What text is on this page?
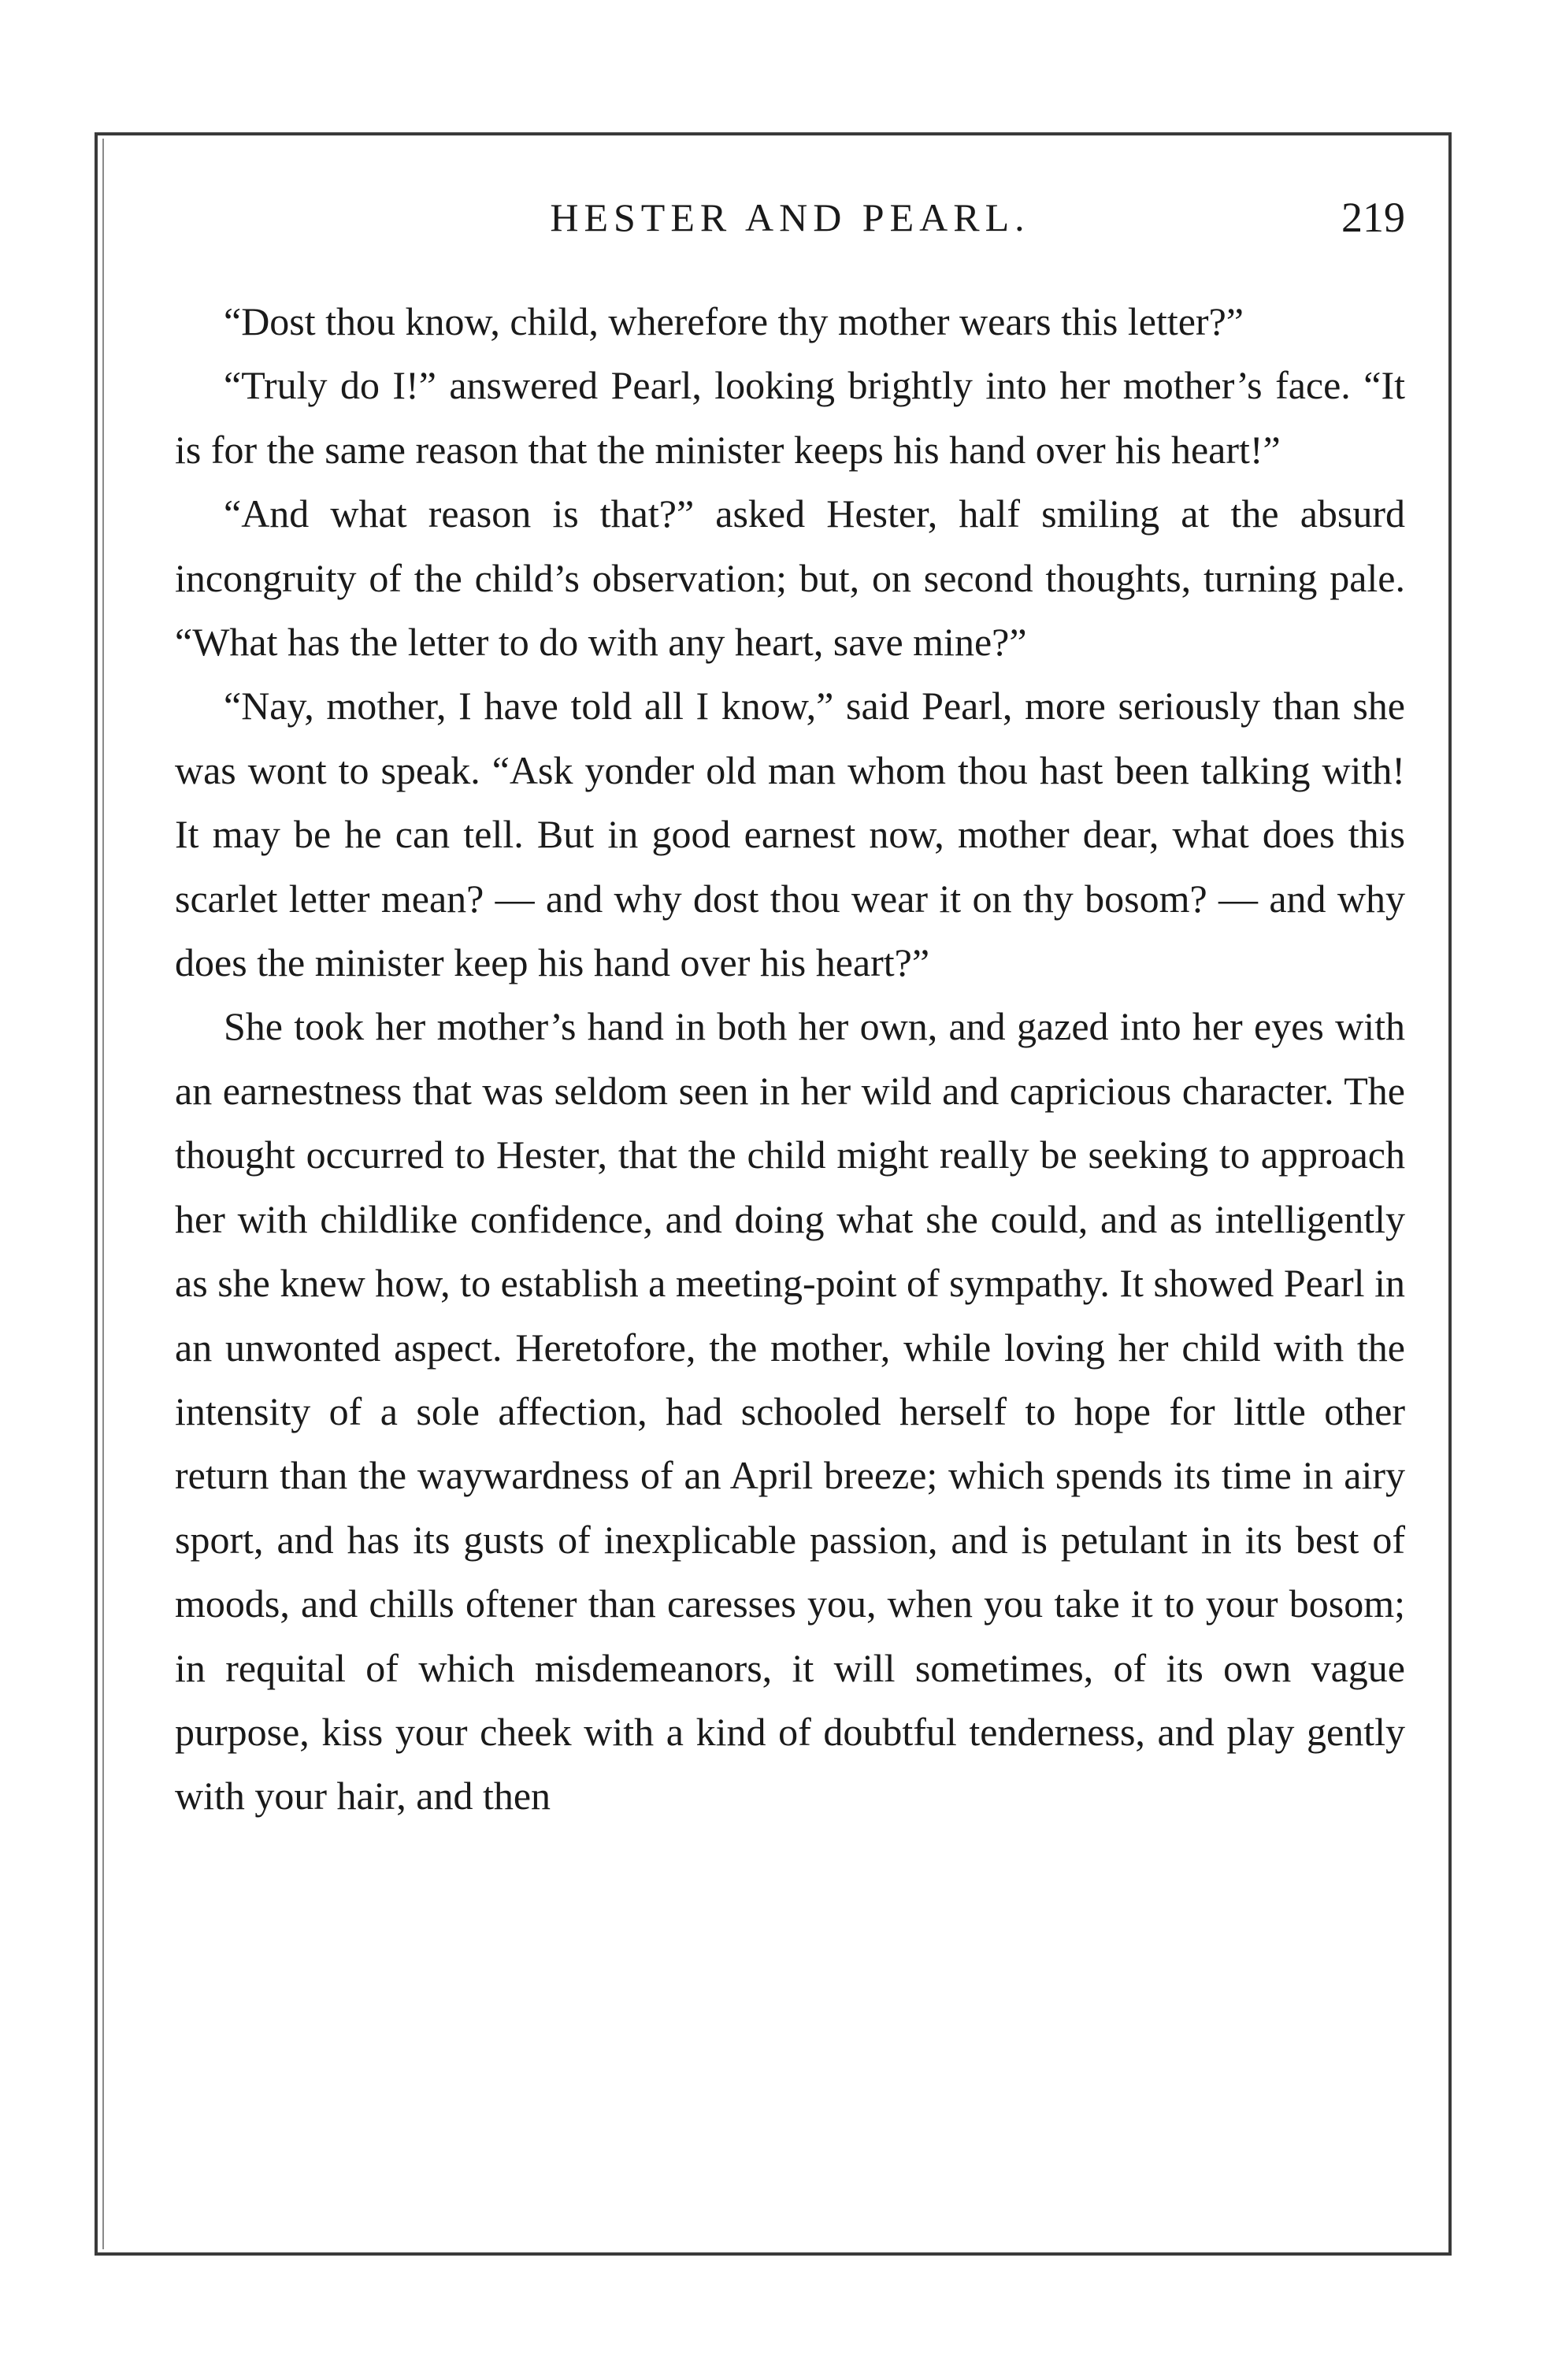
HESTER AND PEARL.	219

“Dost thou know, child, wherefore thy mother wears this letter?”

“Truly do I!” answered Pearl, looking brightly into her mother’s face. “It is for the same reason that the minister keeps his hand over his heart!”

“And what reason is that?” asked Hester, half smiling at the absurd incongruity of the child’s observation; but, on second thoughts, turning pale. “What has the letter to do with any heart, save mine?”

“Nay, mother, I have told all I know,” said Pearl, more seriously than she was wont to speak. “Ask yonder old man whom thou hast been talking with! It may be he can tell. But in good earnest now, mother dear, what does this scarlet letter mean? — and why dost thou wear it on thy bosom? — and why does the minister keep his hand over his heart?”

She took her mother’s hand in both her own, and gazed into her eyes with an earnestness that was seldom seen in her wild and capricious character. The thought occurred to Hester, that the child might really be seeking to approach her with childlike confidence, and doing what she could, and as intelligently as she knew how, to establish a meeting-point of sympathy. It showed Pearl in an unwonted aspect. Heretofore, the mother, while loving her child with the intensity of a sole affection, had schooled herself to hope for little other return than the waywardness of an April breeze; which spends its time in airy sport, and has its gusts of inexplicable passion, and is petulant in its best of moods, and chills oftener than caresses you, when you take it to your bosom; in requital of which misdemeanors, it will sometimes, of its own vague purpose, kiss your cheek with a kind of doubtful tenderness, and play gently with your hair, and then
